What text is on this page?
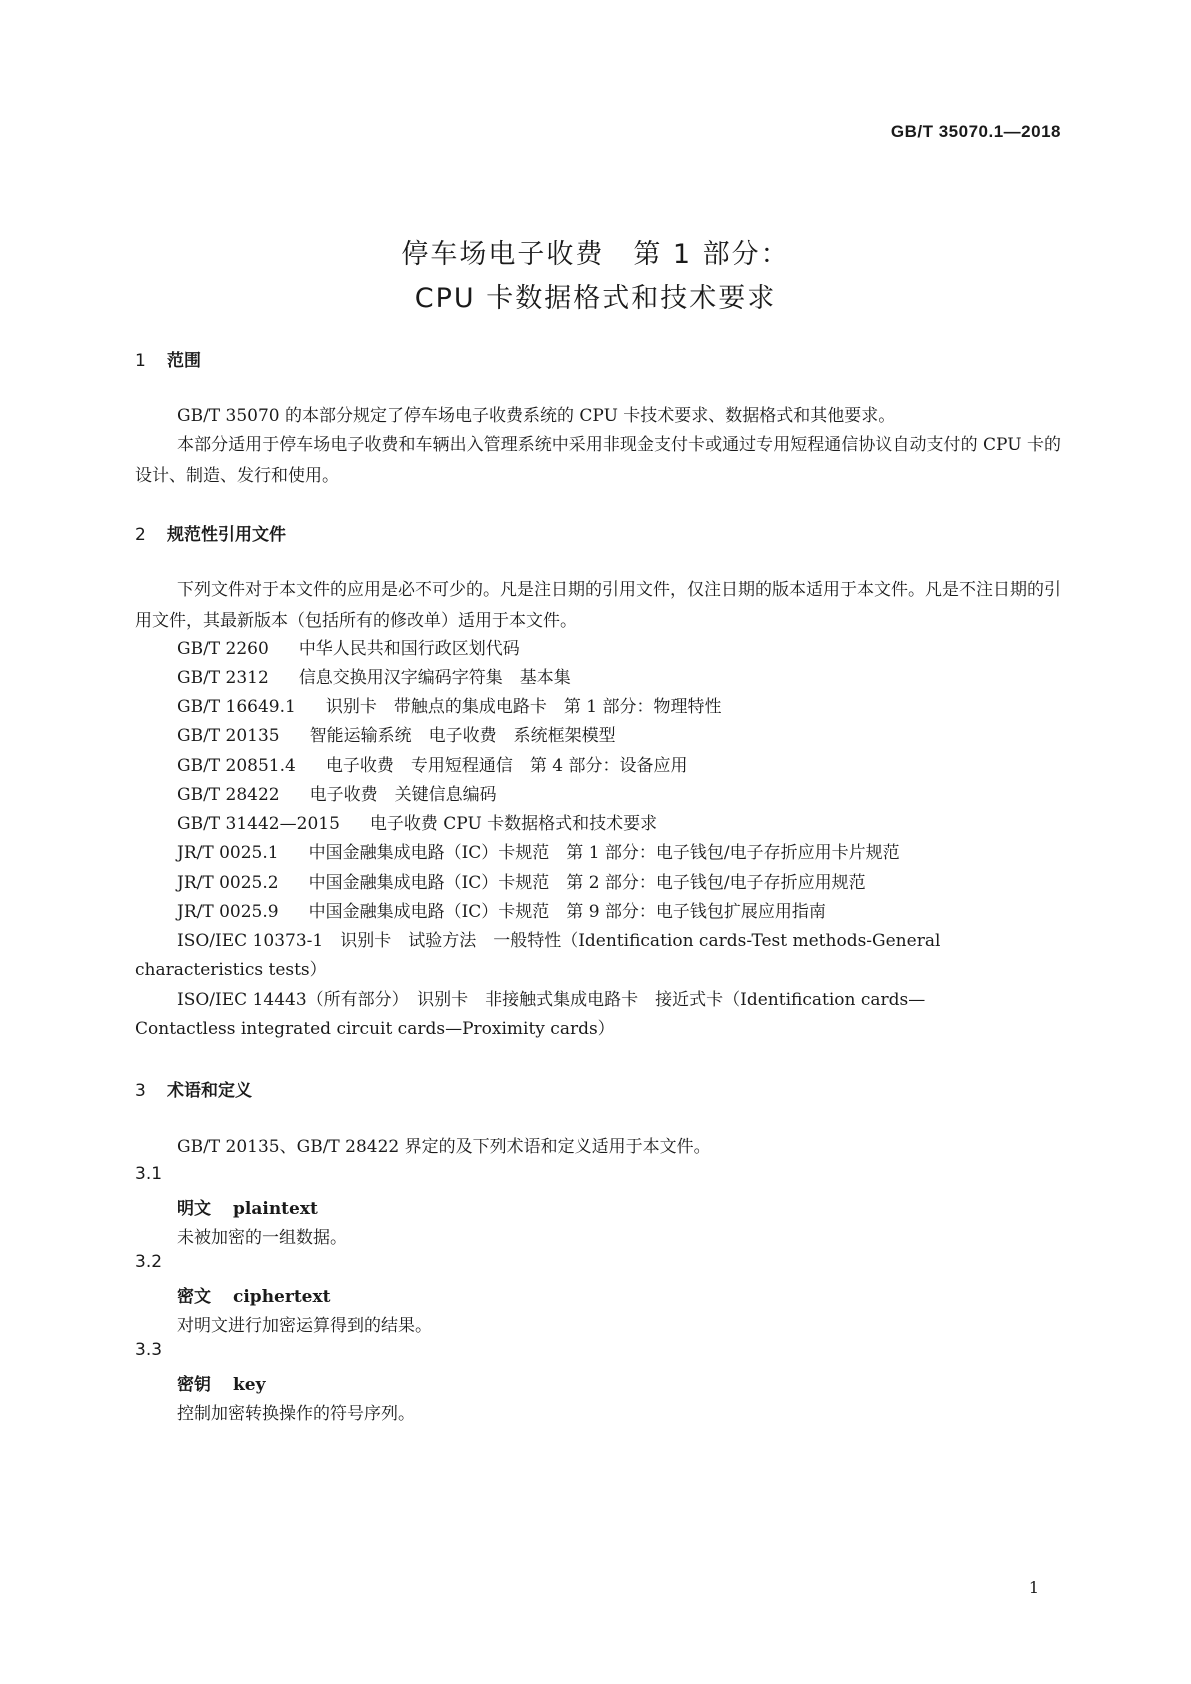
GB/T 35070.1—2018
停车场电子收费　第 1 部分：
CPU 卡数据格式和技术要求
1 范围
GB/T 35070 的本部分规定了停车场电子收费系统的 CPU 卡技术要求、数据格式和其他要求。
本部分适用于停车场电子收费和车辆出入管理系统中采用非现金支付卡或通过专用短程通信协议自动支付的 CPU 卡的设计、制造、发行和使用。
2 规范性引用文件
下列文件对于本文件的应用是必不可少的。凡是注日期的引用文件，仅注日期的版本适用于本文件。凡是不注日期的引用文件，其最新版本（包括所有的修改单）适用于本文件。
GB/T 2260 中华人民共和国行政区划代码
GB/T 2312 信息交换用汉字编码字符集　基本集
GB/T 16649.1 识别卡　带触点的集成电路卡　第 1 部分：物理特性
GB/T 20135 智能运输系统　电子收费　系统框架模型
GB/T 20851.4 电子收费　专用短程通信　第 4 部分：设备应用
GB/T 28422 电子收费　关键信息编码
GB/T 31442—2015 电子收费 CPU 卡数据格式和技术要求
JR/T 0025.1 中国金融集成电路（IC）卡规范　第 1 部分：电子钱包/电子存折应用卡片规范
JR/T 0025.2 中国金融集成电路（IC）卡规范　第 2 部分：电子钱包/电子存折应用规范
JR/T 0025.9 中国金融集成电路（IC）卡规范　第 9 部分：电子钱包扩展应用指南
ISO/IEC 10373-1　识别卡　试验方法　一般特性（Identification cards-Test methods-General
characteristics tests）
ISO/IEC 14443（所有部分）　识别卡　非接触式集成电路卡　接近式卡（Identification cards—
Contactless integrated circuit cards—Proximity cards）
3 术语和定义
GB/T 20135、GB/T 28422 界定的及下列术语和定义适用于本文件。
3.1
明文 plaintext
未被加密的一组数据。
3.2
密文 ciphertext
对明文进行加密运算得到的结果。
3.3
密钥 key
控制加密转换操作的符号序列。
1
